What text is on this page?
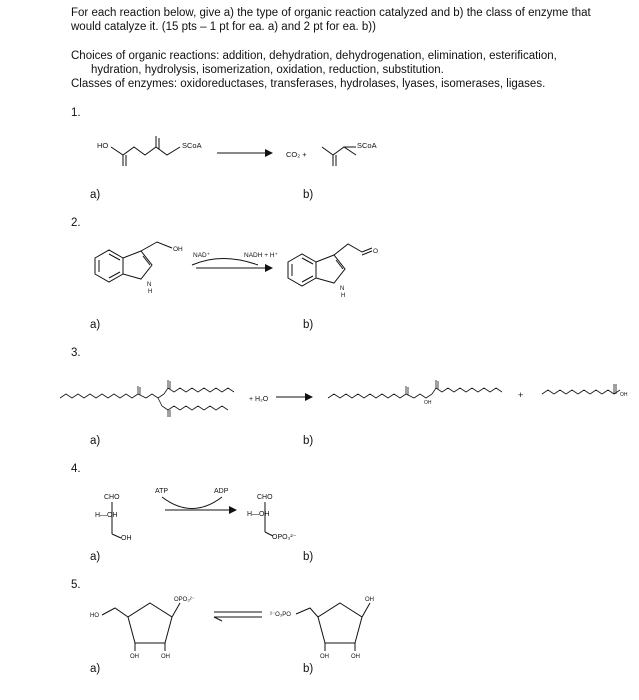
For each reaction below, give a) the type of organic reaction catalyzed and b) the class of enzyme that
would catalyze it. (15 pts – 1 pt for ea. a) and 2 pt for ea. b))
Choices of organic reactions: addition, dehydration, dehydrogenation, elimination, esterification,
hydration, hydrolysis, isomerization, oxidation, reduction, substitution.
Classes of enzymes: oxidoreductases, transferases, hydrolases, lyases, isomerases, ligases.
1.
2.
3.
4.
5.
a)	b)
a)	b)
a)	b)
a)	b)
a)	b)
HO	SCoA
CO₂ +
SCoA
OH
NAD⁺	NADH + H⁺
N
H	N
H
O
+ H₂O	+
OH
OH
ATP	ADP
CHO
H—OH
OH
CHO
H—OH
OPO₃²⁻
HO
OPO₃²⁻
OH	OH
²⁻O₃PO
OH
OH	OH
